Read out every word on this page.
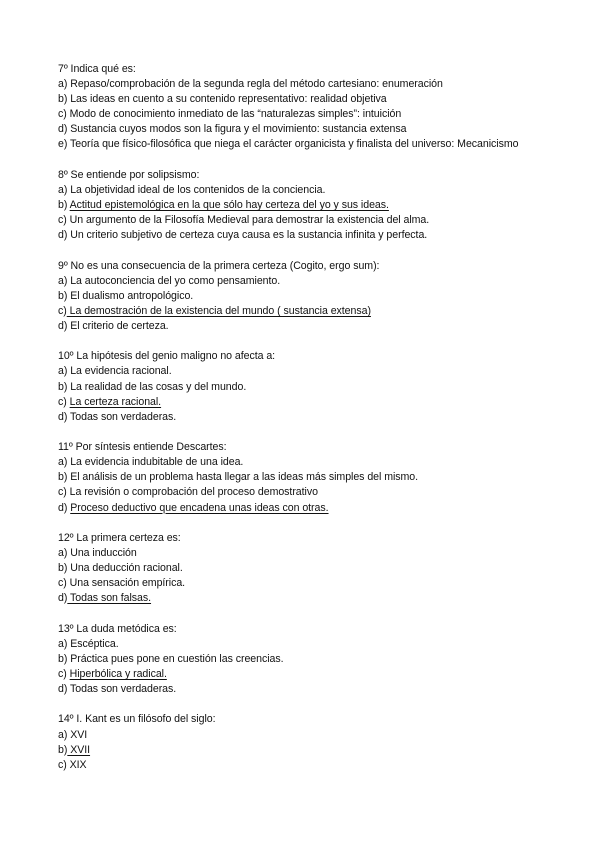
7º Indica qué es:
a) Repaso/comprobación de la segunda regla del método cartesiano: enumeración
b) Las ideas en cuento a su contenido representativo: realidad objetiva
c) Modo de conocimiento inmediato de las “naturalezas simples”: intuición
d) Sustancia cuyos modos son la figura y el movimiento: sustancia extensa
e) Teoría que físico-filosófica que niega el carácter organicista y finalista del universo: Mecanicismo
8º Se entiende por solipsismo:
a) La objetividad ideal de los contenidos de la conciencia.
b) Actitud epistemológica en la que sólo hay certeza del yo y sus ideas.
c) Un argumento de la Filosofía Medieval para demostrar la existencia del alma.
d) Un criterio subjetivo de certeza cuya causa es la sustancia infinita y perfecta.
9º No es una consecuencia de la primera certeza (Cogito, ergo sum):
a) La autoconciencia del yo como pensamiento.
b) El dualismo antropológico.
c) La demostración de la existencia del mundo ( sustancia extensa)
d) El criterio de certeza.
10º La hipótesis del genio maligno no afecta a:
a) La evidencia racional.
b) La realidad de las cosas y del mundo.
c) La certeza racional.
d) Todas son verdaderas.
11º Por síntesis entiende Descartes:
a) La evidencia indubitable de una idea.
b) El análisis de un problema hasta llegar a las ideas más simples del mismo.
c) La revisión o comprobación del proceso demostrativo
d) Proceso deductivo que encadena unas ideas con otras.
12º La primera certeza es:
a) Una inducción
b) Una deducción racional.
c) Una sensación empírica.
d) Todas son falsas.
13º La duda metódica es:
a) Escéptica.
b) Práctica pues pone en cuestión las creencias.
c) Hiperbólica y radical.
d) Todas son verdaderas.
14º I. Kant es un filósofo del siglo:
a) XVI
b) XVII
c) XIX
